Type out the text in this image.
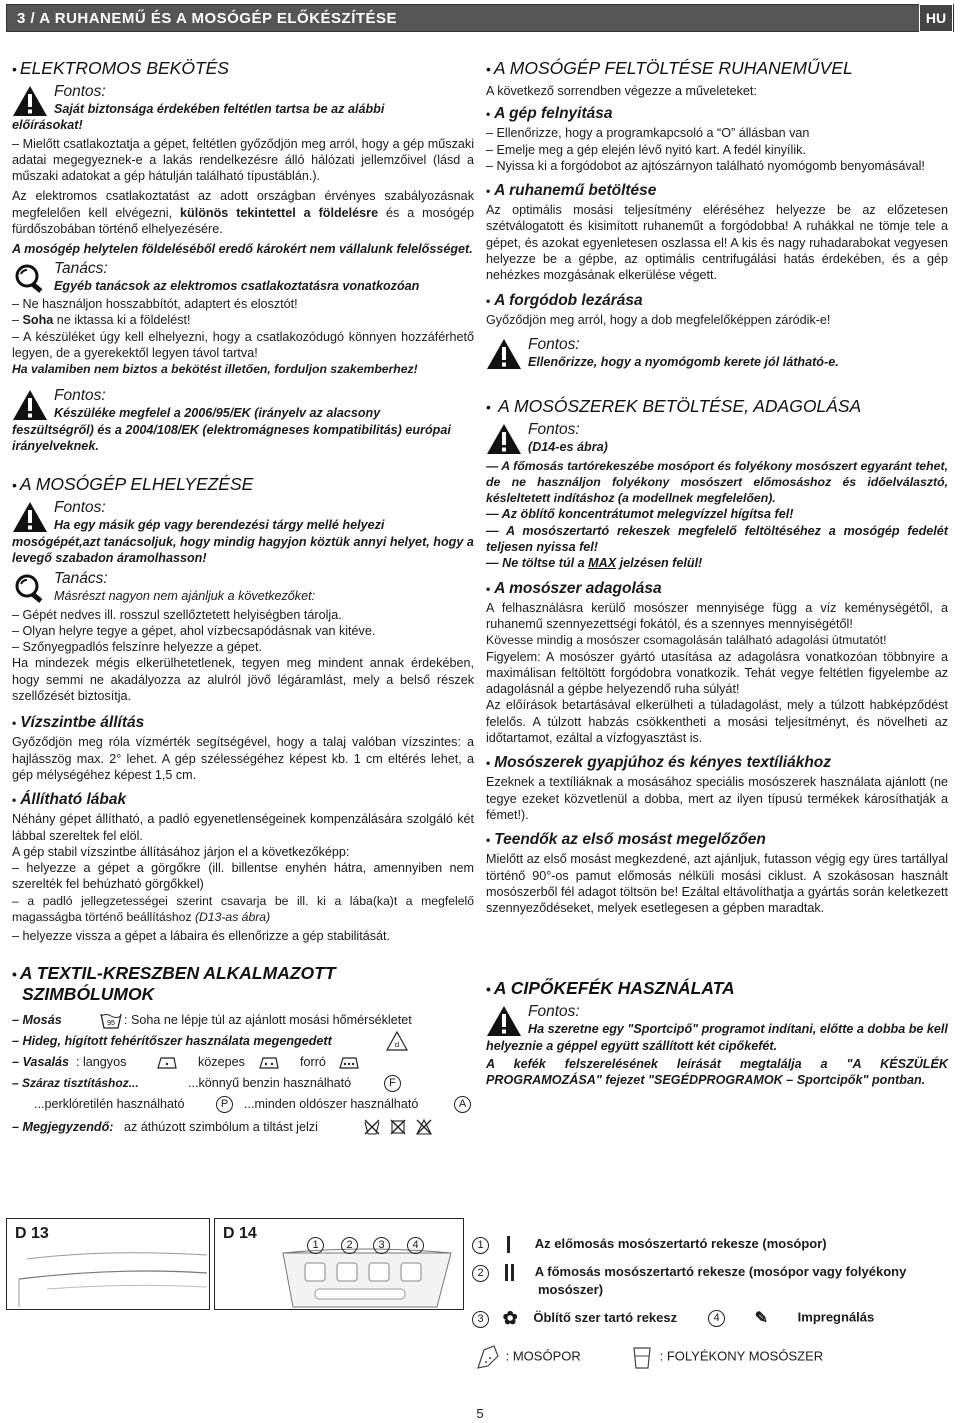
3 / A RUHANEMŰ ÉS A MOSÓGÉP ELŐKÉSZÍTÉSE	HU
• ELEKTROMOS BEKÖTÉS
Fontos:
Saját biztonsága érdekében feltétlen tartsa be az alábbi
előírásokat!

– Mielőtt csatlakoztatja a gépet, feltétlen győződjön meg arról, hogy a gép műszaki adatai megegyeznek-e a lakás rendelkezésre álló hálózati jellemzőivel (lásd a műszaki adatokat a gép hátulján található típustáblán.).

Az elektromos csatlakoztatást az adott országban érvényes szabályozásnak megfelelően kell elvégezni, különös tekintettel a földelésre és a mosógép fürdőszobában történő elhelyezésére.

A mosógép helytelen földeléséből eredő károkért nem vállalunk felelősséget.

Tanács:
Egyéb tanácsok az elektromos csatlakoztatásra vonatkozóan

– Ne használjon hosszabbítót, adaptert és elosztót!

– Soha ne iktassa ki a földelést!

– A készüléket úgy kell elhelyezni, hogy a csatlakozódugó könnyen hozzáférhető legyen, de a gyerekektől legyen távol tartva!

Ha valamiben nem biztos a bekötést illetően, forduljon szakemberhez!

Fontos:
Készüléke megfelel a 2006/95/EK (irányelv az alacsony
feszültségről) és a 2004/108/EK (elektromágneses kompatibilitás) európai irányelveknek.
• A MOSÓGÉP ELHELYEZÉSE
Fontos:
Ha egy másik gép vagy berendezési tárgy mellé helyezi
mosógépét,azt tanácsoljuk, hogy mindig hagyjon köztük annyi helyet, hogy a levegő szabadon áramolhasson!
Tanács:
Másrészt nagyon nem ajánljuk a következőket:

– Gépét nedves ill. rosszul szellőztetett helyiségben tárolja.

– Olyan helyre tegye a gépet, ahol vízbecsapódásnak van kitéve.

– Szőnyegpadlós felszínre helyezze a gépet.

Ha mindezek mégis elkerülhetetlenek, tegyen meg mindent annak érdekében, hogy semmi ne akadályozza az alulról jövő légáramlást, mely a belső részek szellőzését biztosítja.

• Vízszintbe állítás

Győződjön meg róla vízmérték segítségével, hogy a talaj valóban vízszintes: a hajlásszög max. 2° lehet. A gép szélességéhez képest kb. 1 cm eltérés lehet, a gép mélységéhez képest 1,5 cm.

• Állítható lábak

Néhány gépet állítható, a padló egyenetlenségeinek kompenzálására szolgáló két lábbal szereltek fel elöl.

A gép stabil vízszintbe állításához járjon el a következőképp:

– helyezze a gépet a görgőkre (ill. billentse enyhén hátra, amennyiben nem szerelték fel behúzható görgőkkel)

– a padló jellegzetességei szerint csavarja be ill. ki a lába(ka)t a megfelelő magasságba történő beállításhoz (D13-as ábra)

– helyezze vissza a gépet a lábaira és ellenőrizze a gép stabilitását.

• A TEXTIL-KRESZBEN ALKALMAZOTT
SZIMBÓLUMOK
– Mosás	95 : Soha ne lépje túl az ajánlott mosási hőmérsékletet
– Hideg, hígított fehérítőszer használata megengedett	cl
– Vasalás : langyos	közepes	forró
– Száraz tisztításhoz...	...könnyű benzin használható	F
...perklóretilén használható	P	...minden oldószer használható	A
– Megjegyzendő: az áthúzott szimbólum a tiltást jelzi
• A MOSÓGÉP FELTÖLTÉSE RUHANEMŰVEL

A következő sorrendben végezze a műveleteket:

• A gép felnyitása

– Ellenőrizze, hogy a programkapcsoló a “O” állásban van

– Emelje meg a gép elején lévő nyitó kart. A fedél kinyílik.

– Nyissa ki a forgódobot az ajtószárnyon található nyomógomb benyomásával!

• A ruhanemű betöltése

Az optimális mosási teljesítmény eléréséhez helyezze be az előzetesen szétválogatott és kisimított ruhaneműt a forgódobba! A ruhákkal ne tömje tele a gépet, és azokat egyenletesen oszlassa el! A kis és nagy ruhadarabokat vegyesen helyezze be a gépbe, az optimális centrifugálási hatás érdekében, és a gép nehézkes mozgásának elkerülése végett.

• A forgódob lezárása

Győződjön meg arról, hogy a dob megfelelőképpen záródik-e!

Fontos:
Ellenőrizze, hogy a nyomógomb kerete jól látható-e.
• A MOSÓSZEREK BETÖLTÉSE, ADAGOLÁSA
Fontos:
(D14-es ábra)

— A főmosás tartórekeszébe mosóport és folyékony mosószert egyaránt tehet, de ne használjon folyékony mosószert előmosáshoz és időelválasztó, késleltetett indításhoz (a modellnek megfelelően).

— Az öblítő koncentrátumot melegvízzel hígítsa fel!

— A mosószertartó rekeszek megfelelő feltöltéséhez a mosógép fedelét teljesen nyissa fel!

— Ne töltse túl a MAX jelzésen felül!

• A mosószer adagolása

A felhasználásra kerülő mosószer mennyisége függ a víz keménységétől, a ruhanemű szennyezettségi fokától, és a szennyes mennyiségétől!

Kövesse mindig a mosószer csomagolásán található adagolási útmutatót!

Figyelem: A mosószer gyártó utasítása az adagolásra vonatkozóan többnyire a maximálisan feltöltött forgódobra vonatkozik. Tehát vegye feltétlen figyelembe az adagolásnál a gépbe helyezendő ruha súlyát!

Az előírások betartásával elkerülheti a túladagolást, mely a túlzott habképződést felelős. A túlzott habzás csökkentheti a mosási teljesítményt, és növelheti az időtartamot, ezáltal a vízfogyasztást is.

• Mosószerek gyapjúhoz és kényes textíliákhoz

Ezeknek a textíliáknak a mosásához speciális mosószerek használata ajánlott (ne tegye ezeket közvetlenül a dobba, mert az ilyen típusú termékek károsíthatják a fémet!).

• Teendők az első mosást megelőzően

Mielőtt az első mosást megkezdené, azt ajánljuk, futasson végig egy üres tartállyal történő 90°-os pamut előmosás nélküli mosási ciklust. A szokásosan használt mosószerből fél adagot töltsön be! Ezáltal eltávolíthatja a gyártás során keletkezett szennyeződéseket, melyek esetlegesen a gépben maradtak.

• A CIPŐKEFÉK HASZNÁLATA
Fontos:
Ha szeretne egy "Sportcipő" programot indítani, előtte a dobba be kell helyeznie a géppel együtt szállított két cipőkefét.

A kefék felszerelésének leírását megtalálja a "A KÉSZÜLÉK PROGRAMOZÁSA" fejezet "SEGÉDPROGRAMOK – Sportcipők" pontban.

D 13	D 14
1	2	3	4	1	Az előmosás mosószertartó rekesze (mosópor)
2	A főmosás mosószertartó rekesze (mosópor vagy folyékony
mosószer)
3 ✿ Öblítő szer tartó rekesz	4 ✎ Impregnálás
: MOSÓPOR	: FOLYÉKONY MOSÓSZER
5
